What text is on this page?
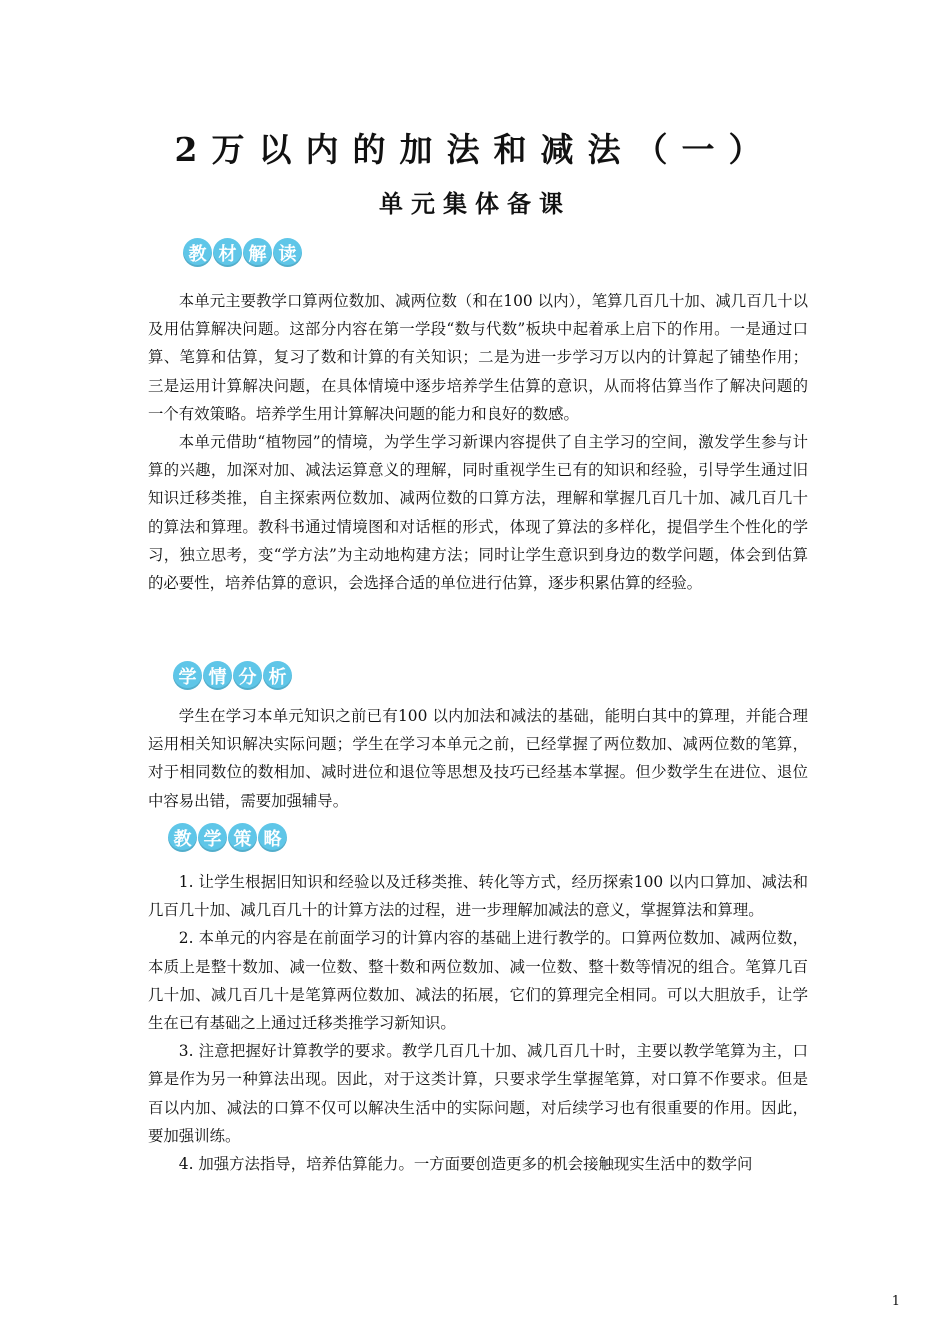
2万以内的加法和减法（一）
单元集体备课
教 材 解 读

本单元主要教学口算两位数加、减两位数（和在100 以内），笔算几百几十加、减几百几十以及用估算解决问题。这部分内容在第一学段“数与代数”板块中起着承上启下的作用。一是通过口算、笔算和估算，复习了数和计算的有关知识；二是为进一步学习万以内的计算起了铺垫作用；三是运用计算解决问题，在具体情境中逐步培养学生估算的意识，从而将估算当作了解决问题的一个有效策略。培养学生用计算解决问题的能力和良好的数感。

本单元借助“植物园”的情境，为学生学习新课内容提供了自主学习的空间，激发学生参与计算的兴趣，加深对加、减法运算意义的理解，同时重视学生已有的知识和经验，引导学生通过旧知识迁移类推，自主探索两位数加、减两位数的口算方法，理解和掌握几百几十加、减几百几十的算法和算理。教科书通过情境图和对话框的形式，体现了算法的多样化，提倡学生个性化的学习，独立思考，变“学方法”为主动地构建方法；同时让学生意识到身边的数学问题，体会到估算的必要性，培养估算的意识，会选择合适的单位进行估算，逐步积累估算的经验。

学 情 分 析

学生在学习本单元知识之前已有100 以内加法和减法的基础，能明白其中的算理，并能合理运用相关知识解决实际问题；学生在学习本单元之前，已经掌握了两位数加、减两位数的笔算，对于相同数位的数相加、减时进位和退位等思想及技巧已经基本掌握。但少数学生在进位、退位中容易出错，需要加强辅导。

教 学 策 略

1. 让学生根据旧知识和经验以及迁移类推、转化等方式，经历探索100 以内口算加、减法和几百几十加、减几百几十的计算方法的过程，进一步理解加减法的意义，掌握算法和算理。

2. 本单元的内容是在前面学习的计算内容的基础上进行教学的。口算两位数加、减两位数，本质上是整十数加、减一位数、整十数和两位数加、减一位数、整十数等情况的组合。笔算几百几十加、减几百几十是笔算两位数加、减法的拓展，它们的算理完全相同。可以大胆放手，让学生在已有基础之上通过迁移类推学习新知识。

3. 注意把握好计算教学的要求。教学几百几十加、减几百几十时，主要以教学笔算为主，口算是作为另一种算法出现。因此，对于这类计算，只要求学生掌握笔算，对口算不作要求。但是百以内加、减法的口算不仅可以解决生活中的实际问题，对后续学习也有很重要的作用。因此，要加强训练。

4. 加强方法指导，培养估算能力。一方面要创造更多的机会接触现实生活中的数学问

1
